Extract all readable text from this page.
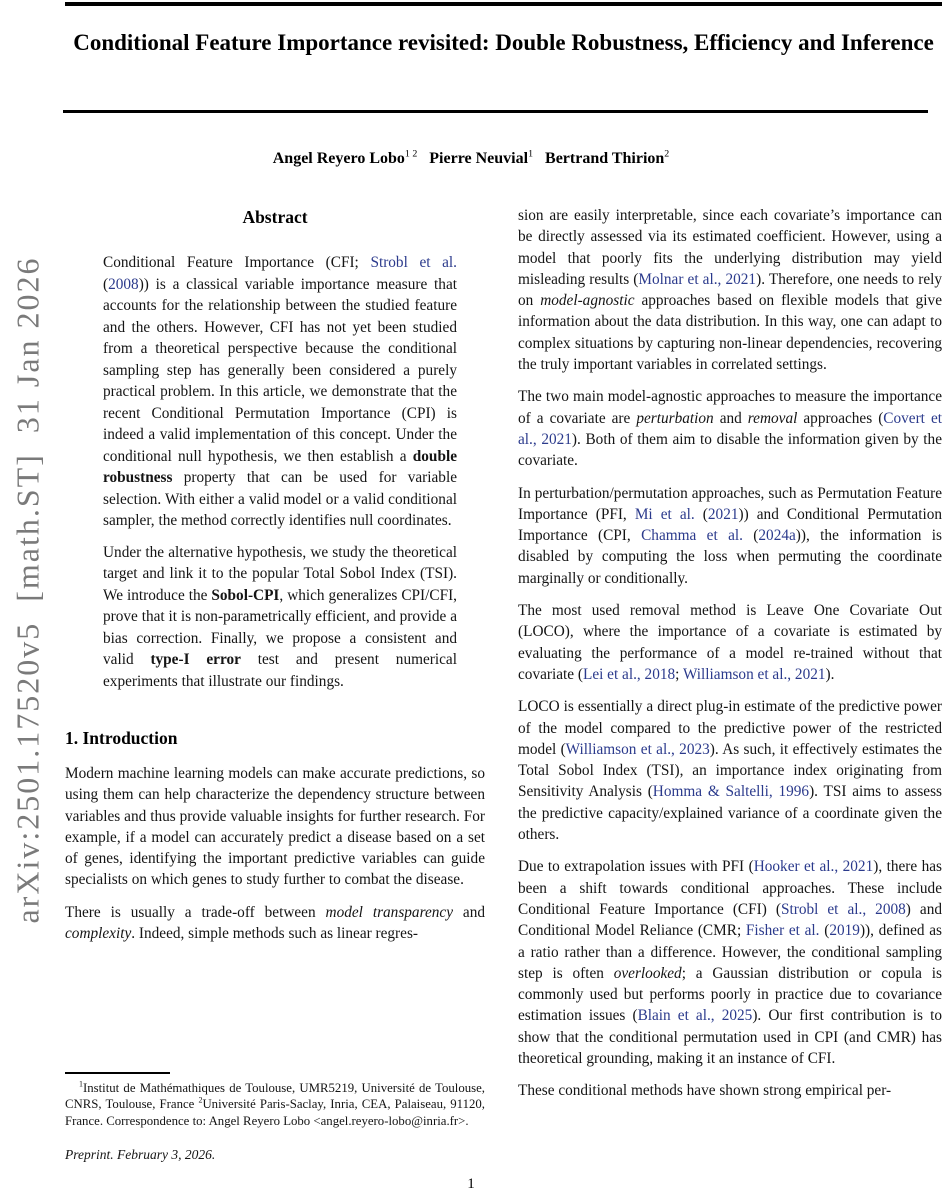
arXiv:2501.17520v5  [math.ST]  31 Jan 2026
Conditional Feature Importance revisited: Double Robustness, Efficiency and Inference
Angel Reyero Lobo$^{1 2}$ Pierre Neuvial$^1$ Bertrand Thirion$^2$
Abstract
Conditional Feature Importance (CFI; Strobl et al. (2008)) is a classical variable importance measure that accounts for the relationship between the studied feature and the others. However, CFI has not yet been studied from a theoretical perspective because the conditional sampling step has generally been considered a purely practical problem. In this article, we demonstrate that the recent Conditional Permutation Importance (CPI) is indeed a valid implementation of this concept. Under the conditional null hypothesis, we then establish a double robustness property that can be used for variable selection. With either a valid model or a valid conditional sampler, the method correctly identifies null coordinates.
Under the alternative hypothesis, we study the theoretical target and link it to the popular Total Sobol Index (TSI). We introduce the Sobol-CPI, which generalizes CPI/CFI, prove that it is non-parametrically efficient, and provide a bias correction. Finally, we propose a consistent and valid type-I error test and present numerical experiments that illustrate our findings.
1. Introduction
Modern machine learning models can make accurate predictions, so using them can help characterize the dependency structure between variables and thus provide valuable insights for further research. For example, if a model can accurately predict a disease based on a set of genes, identifying the important predictive variables can guide specialists on which genes to study further to combat the disease.
There is usually a trade-off between model transparency and complexity. Indeed, simple methods such as linear regres-
$^1$Institut de Mathémathiques de Toulouse, UMR5219, Université de Toulouse, CNRS, Toulouse, France $^2$Université Paris-Saclay, Inria, CEA, Palaiseau, 91120, France. Correspondence to: Angel Reyero Lobo <angel.reyero-lobo@inria.fr>.
Preprint. February 3, 2026.
sion are easily interpretable, since each covariate’s importance can be directly assessed via its estimated coefficient. However, using a model that poorly fits the underlying distribution may yield misleading results (Molnar et al., 2021). Therefore, one needs to rely on model-agnostic approaches based on flexible models that give information about the data distribution. In this way, one can adapt to complex situations by capturing non-linear dependencies, recovering the truly important variables in correlated settings.
The two main model-agnostic approaches to measure the importance of a covariate are perturbation and removal approaches (Covert et al., 2021). Both of them aim to disable the information given by the covariate.
In perturbation/permutation approaches, such as Permutation Feature Importance (PFI, Mi et al. (2021)) and Conditional Permutation Importance (CPI, Chamma et al. (2024a)), the information is disabled by computing the loss when permuting the coordinate marginally or conditionally.
The most used removal method is Leave One Covariate Out (LOCO), where the importance of a covariate is estimated by evaluating the performance of a model re-trained without that covariate (Lei et al., 2018; Williamson et al., 2021).
LOCO is essentially a direct plug-in estimate of the predictive power of the model compared to the predictive power of the restricted model (Williamson et al., 2023). As such, it effectively estimates the Total Sobol Index (TSI), an importance index originating from Sensitivity Analysis (Homma & Saltelli, 1996). TSI aims to assess the predictive capacity/explained variance of a coordinate given the others.
Due to extrapolation issues with PFI (Hooker et al., 2021), there has been a shift towards conditional approaches. These include Conditional Feature Importance (CFI) (Strobl et al., 2008) and Conditional Model Reliance (CMR; Fisher et al. (2019)), defined as a ratio rather than a difference. However, the conditional sampling step is often overlooked; a Gaussian distribution or copula is commonly used but performs poorly in practice due to covariance estimation issues (Blain et al., 2025). Our first contribution is to show that the conditional permutation used in CPI (and CMR) has theoretical grounding, making it an instance of CFI.
These conditional methods have shown strong empirical per-
1
